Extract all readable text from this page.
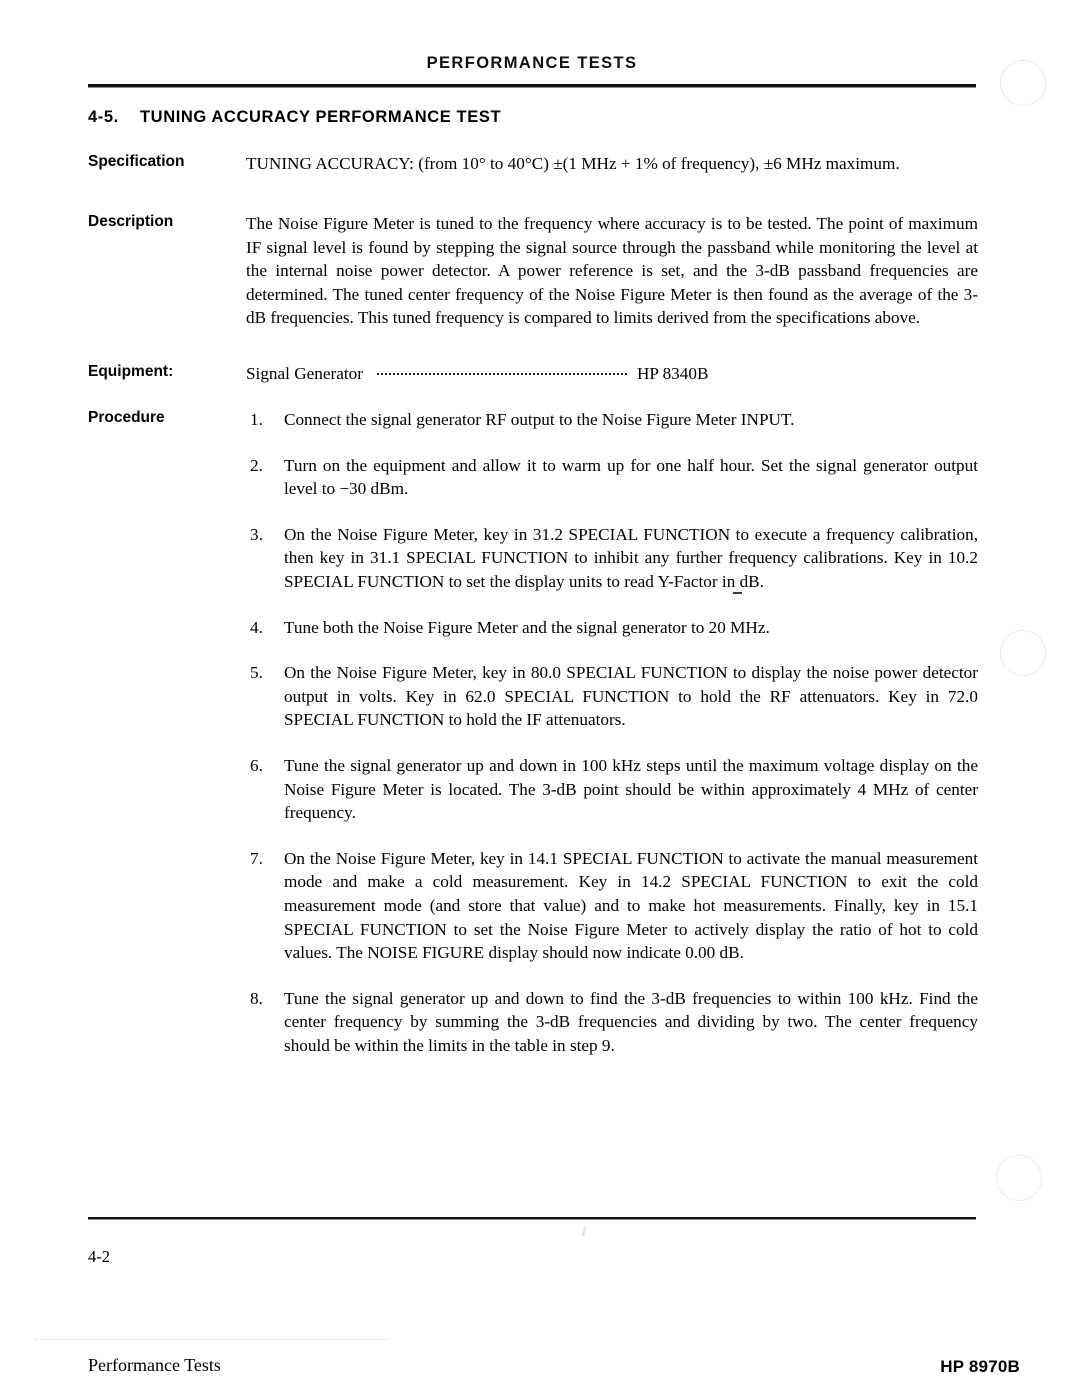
PERFORMANCE TESTS
4-5. TUNING ACCURACY PERFORMANCE TEST
Specification	TUNING ACCURACY: (from 10° to 40°C) ±(1 MHz + 1% of frequency), ±6 MHz maximum.
Description	The Noise Figure Meter is tuned to the frequency where accuracy is to be tested. The point of maximum IF signal level is found by stepping the signal source through the passband while monitoring the level at the internal noise power detector. A power reference is set, and the 3-dB passband frequencies are determined. The tuned center frequency of the Noise Figure Meter is then found as the average of the 3-dB frequencies. This tuned frequency is compared to limits derived from the specifications above.
Equipment:	Signal Generator	HP 8340B
Procedure	Connect the signal generator RF output to the Noise Figure Meter INPUT.
Turn on the equipment and allow it to warm up for one half hour. Set the signal generator output level to −30 dBm.
On the Noise Figure Meter, key in 31.2 SPECIAL FUNCTION to execute a frequency calibration, then key in 31.1 SPECIAL FUNCTION to inhibit any further frequency calibrations. Key in 10.2 SPECIAL FUNCTION to set the display units to read Y-Factor in dB.
Tune both the Noise Figure Meter and the signal generator to 20 MHz.
On the Noise Figure Meter, key in 80.0 SPECIAL FUNCTION to display the noise power detector output in volts. Key in 62.0 SPECIAL FUNCTION to hold the RF attenuators. Key in 72.0 SPECIAL FUNCTION to hold the IF attenuators.
Tune the signal generator up and down in 100 kHz steps until the maximum voltage display on the Noise Figure Meter is located. The 3-dB point should be within approximately 4 MHz of center frequency.
On the Noise Figure Meter, key in 14.1 SPECIAL FUNCTION to activate the manual measurement mode and make a cold measurement. Key in 14.2 SPECIAL FUNCTION to exit the cold measurement mode (and store that value) and to make hot measurements. Finally, key in 15.1 SPECIAL FUNCTION to set the Noise Figure Meter to actively display the ratio of hot to cold values. The NOISE FIGURE display should now indicate 0.00 dB.
Tune the signal generator up and down to find the 3-dB frequencies to within 100 kHz. Find the center frequency by summing the 3-dB frequencies and dividing by two. The center frequency should be within the limits in the table in step 9.
4-2
Performance Tests	HP 8970B
